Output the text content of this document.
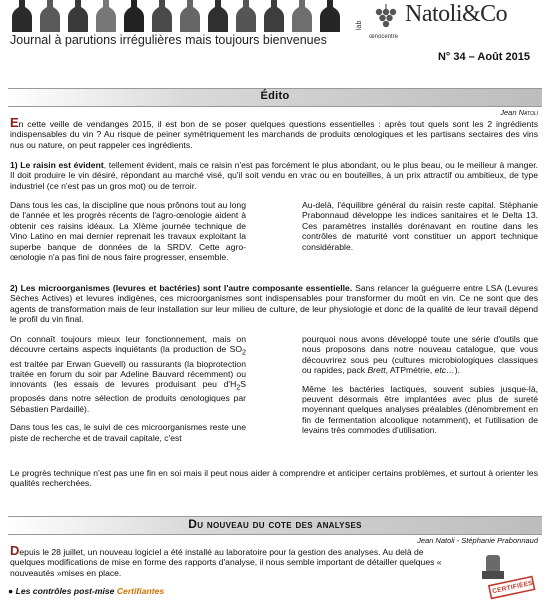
Journal à parutions irrégulières mais toujours bienvenues
lab
œnocentre
Natoli&Co
N° 34 – Août 2015
Édito
Jean Natoli
En cette veille de vendanges 2015, il est bon de se poser quelques questions essentielles : après tout quels sont les 2 ingrédients indispensables du vin ? Au risque de peiner symétriquement les marchands de produits œnologiques et les partisans sectaires des vins nus ou nature, on peut rappeler ces ingrédients.
1) Le raisin est évident, tellement évident, mais ce raisin n'est pas forcément le plus abondant, ou le plus beau, ou le meilleur à manger. Il doit produire le vin désiré, répondant au marché visé, qu'il soit vendu en vrac ou en bouteilles, à un prix attractif ou ambitieux, de type industriel (ce n'est pas un gros mot) ou de terroir.

Dans tous les cas, la discipline que nous prônons tout au long de l'année et les progrès récents de l'agro-œnologie aident à obtenir ces raisins idéaux. La XIème journée technique de Vino Latino en mai dernier reprenait les travaux exploitant la superbe banque de données de la SRDV. Cette agro-œnologie n'a pas fini de nous faire progresser, ensemble.

Au-delà, l'équilibre général du raisin reste capital. Stéphanie Prabonnaud développe les indices sanitaires et le Delta 13. Ces paramètres installés dorénavant en routine dans les contrôles de maturité vont constituer un apport technique considérable.

2) Les microorganismes (levures et bactéries) sont l'autre composante essentielle. Sans relancer la guéguerre entre LSA (Levures Sèches Actives) et levures indigènes, ces microorganismes sont indispensables pour transformer du moût en vin. Ce ne sont que des agents de transformation mais de leur installation sur leur milieu de culture, de leur physiologie et donc de la qualité de leur travail dépend le profil du vin final.

On connaît toujours mieux leur fonctionnement, mais on découvre certains aspects inquiétants (la production de $SO_2$ est traitée par Erwan Guevell) ou rassurants (la bioprotection traitée en forum du soir par Adeline Bauvard récemment) ou innovants (les essais de levures produisant peu $d'H_2S$ proposés dans notre sélection de produits œnologiques par Sébastien Pardaillé).

Dans tous les cas, le suivi de ces microorganismes reste une piste de recherche et de travail capitale, c'est

pourquoi nous avons développé toute une série d'outils que nous proposons dans notre nouveau catalogue, que vous découvrirez sous peu (cultures microbiologiques classiques ou rapides, pack Brett, ATPmétrie, etc…).

Même les bactéries lactiques, souvent subies jusque-là, peuvent désormais être implantées avec plus de sureté moyennant quelques analyses préalables (dénombrement en fin de fermentation alcoolique notamment), et l'utilisation de levains très commodes d'utilisation.

Le progrès technique n'est pas une fin en soi mais il peut nous aider à comprendre et anticiper certains problèmes, et surtout à orienter les qualités recherchées.
Du nouveau du cote des analyses
Jean Natoli - Stéphanie Prabonnaud
Depuis le 28 juillet, un nouveau logiciel a été installé au laboratoire pour la gestion des analyses. Au delà de quelques modifications de mise en forme des rapports d'analyse, il nous semble important de détailler quelques « nouveautés »mises en place.
● Les contrôles post-mise Certifiantes	CERTIFIÉES
